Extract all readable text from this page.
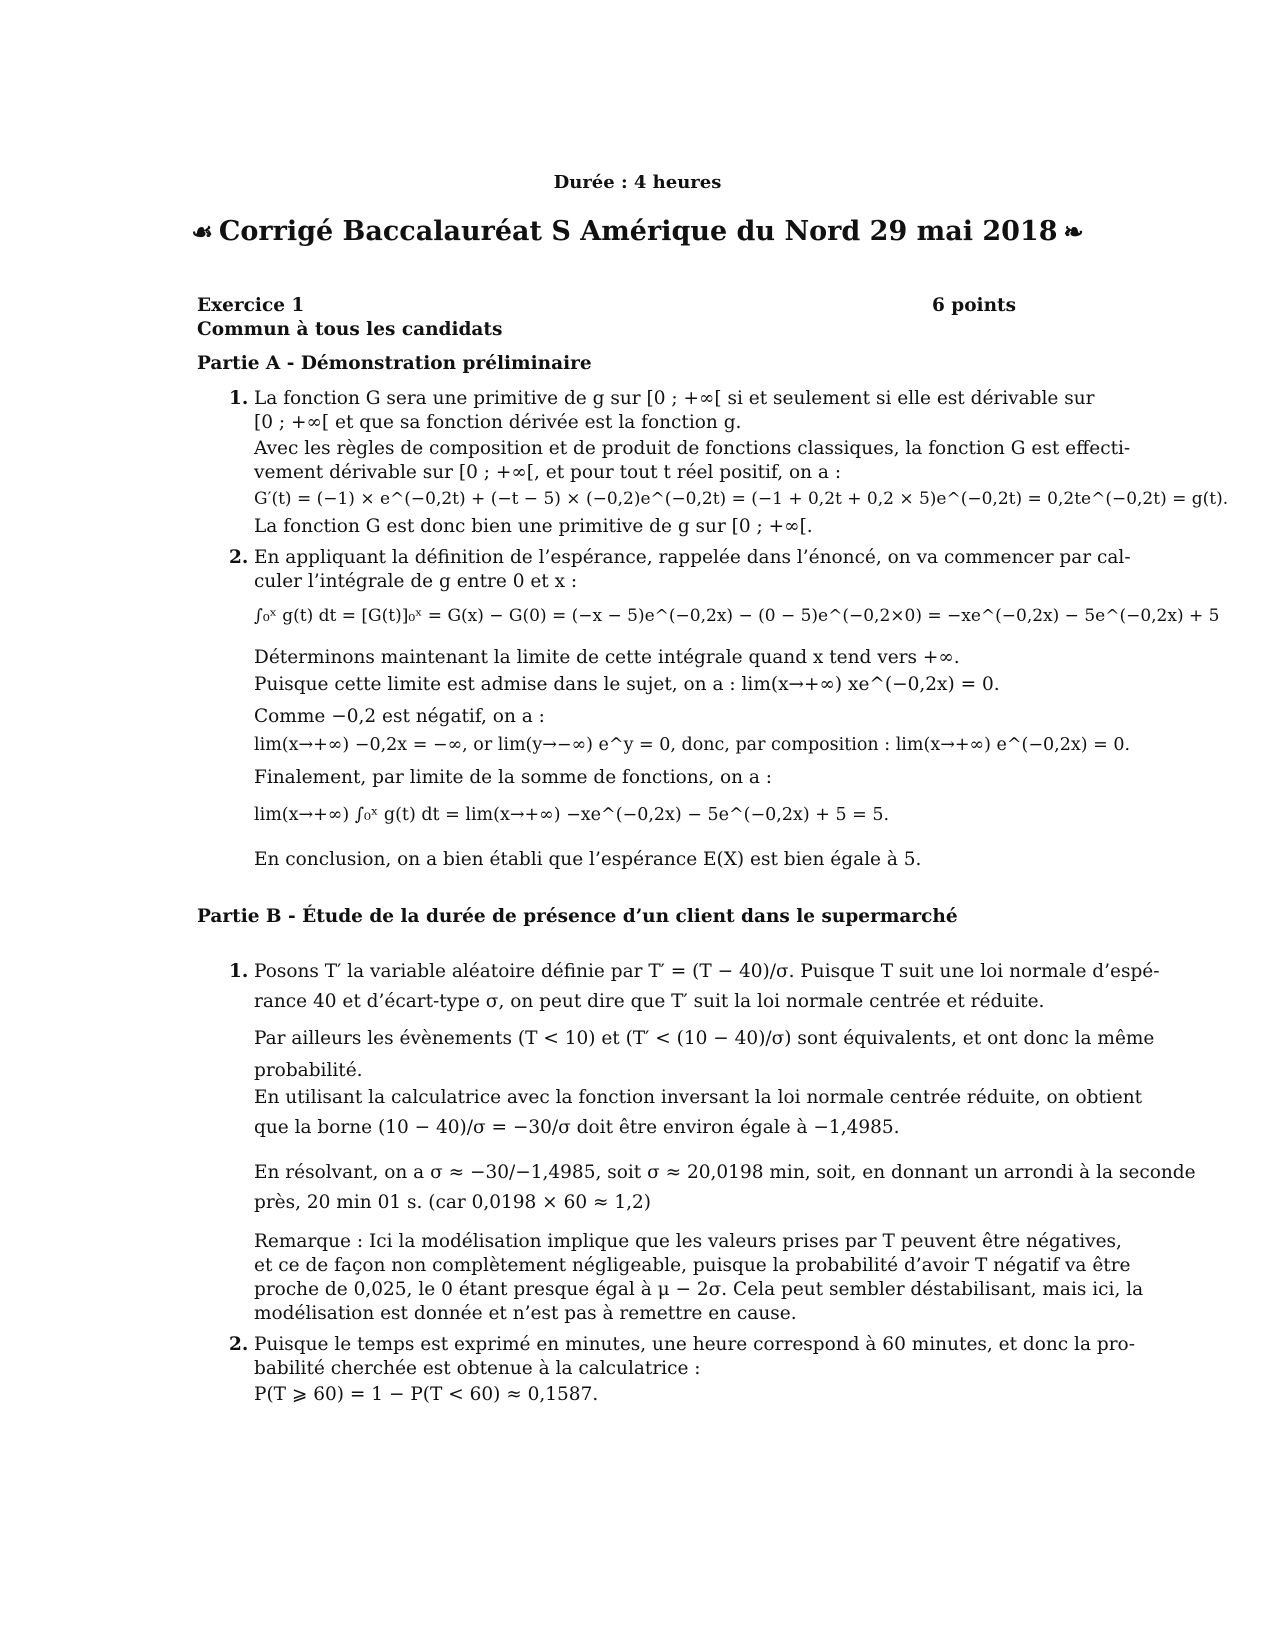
Durée : 4 heures
☙ Corrigé Baccalauréat S Amérique du Nord 29 mai 2018 ❧
Exercice 1	6 points
Commun à tous les candidats
Partie A - Démonstration préliminaire
1. La fonction G sera une primitive de g sur [0 ; +∞[ si et seulement si elle est dérivable sur
[0 ; +∞[ et que sa fonction dérivée est la fonction g.
Avec les règles de composition et de produit de fonctions classiques, la fonction G est effecti-
vement dérivable sur [0 ; +∞[, et pour tout t réel positif, on a :
G′(t) = (−1) × e^(−0,2t) + (−t − 5) × (−0,2)e^(−0,2t) = (−1 + 0,2t + 0,2 × 5)e^(−0,2t) = 0,2te^(−0,2t) = g(t).
La fonction G est donc bien une primitive de g sur [0 ; +∞[.
2. En appliquant la définition de l’espérance, rappelée dans l’énoncé, on va commencer par cal-
culer l’intégrale de g entre 0 et x :
∫₀ˣ g(t) dt = [G(t)]₀ˣ = G(x) − G(0) = (−x − 5)e^(−0,2x) − (0 − 5)e^(−0,2×0) = −xe^(−0,2x) − 5e^(−0,2x) + 5
Déterminons maintenant la limite de cette intégrale quand x tend vers +∞.
Puisque cette limite est admise dans le sujet, on a : lim(x→+∞) xe^(−0,2x) = 0.
Comme −0,2 est négatif, on a :
lim(x→+∞) −0,2x = −∞, or lim(y→−∞) e^y = 0, donc, par composition : lim(x→+∞) e^(−0,2x) = 0.
Finalement, par limite de la somme de fonctions, on a :
lim(x→+∞) ∫₀ˣ g(t) dt = lim(x→+∞) −xe^(−0,2x) − 5e^(−0,2x) + 5 = 5.
En conclusion, on a bien établi que l’espérance E(X) est bien égale à 5.
Partie B - Étude de la durée de présence d’un client dans le supermarché
1. Posons T′ la variable aléatoire définie par T′ = (T − 40)/σ. Puisque T suit une loi normale d’espé-
rance 40 et d’écart-type σ, on peut dire que T′ suit la loi normale centrée et réduite.
Par ailleurs les évènements (T < 10) et (T′ < (10 − 40)/σ) sont équivalents, et ont donc la même
probabilité.
En utilisant la calculatrice avec la fonction inversant la loi normale centrée réduite, on obtient
que la borne (10 − 40)/σ = −30/σ doit être environ égale à −1,4985.
En résolvant, on a σ ≈ −30/−1,4985, soit σ ≈ 20,0198 min, soit, en donnant un arrondi à la seconde
près, 20 min 01 s. (car 0,0198 × 60 ≈ 1,2)
Remarque : Ici la modélisation implique que les valeurs prises par T peuvent être négatives,
et ce de façon non complètement négligeable, puisque la probabilité d’avoir T négatif va être
proche de 0,025, le 0 étant presque égal à μ − 2σ. Cela peut sembler déstabilisant, mais ici, la
modélisation est donnée et n’est pas à remettre en cause.
2. Puisque le temps est exprimé en minutes, une heure correspond à 60 minutes, et donc la pro-
babilité cherchée est obtenue à la calculatrice :
P(T ⩾ 60) = 1 − P(T < 60) ≈ 0,1587.
